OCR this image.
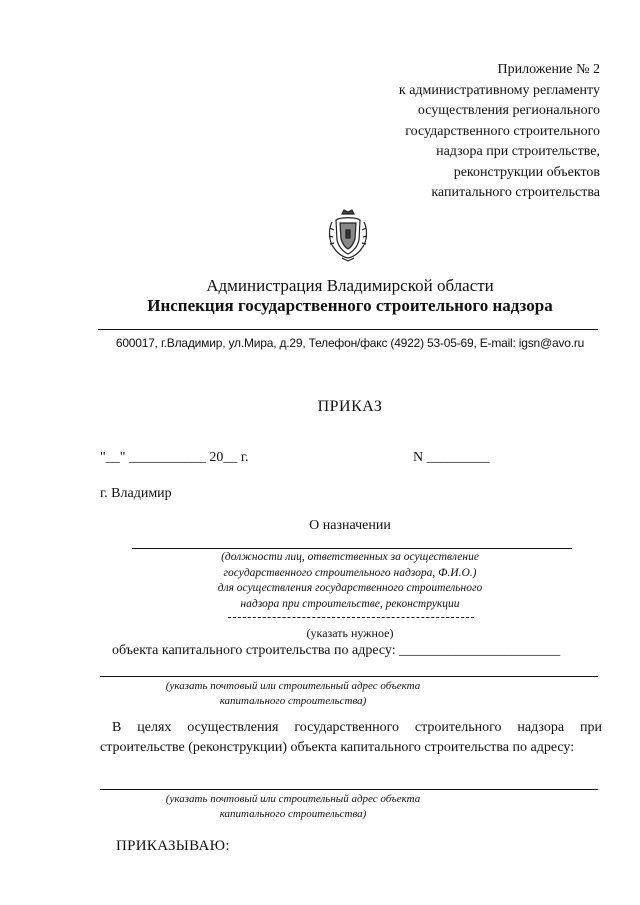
Приложение № 2
к административному регламенту
осуществления регионального
государственного строительного
надзора при строительстве,
реконструкции объектов
капитального строительства
Администрация Владимирской области
Инспекция государственного строительного надзора
600017, г.Владимир, ул.Мира, д.29, Телефон/факс (4922) 53-05-69, E-mail: igsn@avo.ru
ПРИКАЗ
"__" ___________ 20__ г.	N _________
г. Владимир
О назначении
(должности лиц, ответственных за осуществление
государственного строительного надзора, Ф.И.О.)
для осуществления государственного строительного
надзора при строительстве, реконструкции
(указать нужное)
объекта капитального строительства по адресу: _______________________
(указать почтовый или строительный адрес объекта
капитального строительства)
В целях осуществления государственного строительного надзора при строительстве (реконструкции) объекта капитального строительства по адресу:
(указать почтовый или строительный адрес объекта
капитального строительства)
ПРИКАЗЫВАЮ:
